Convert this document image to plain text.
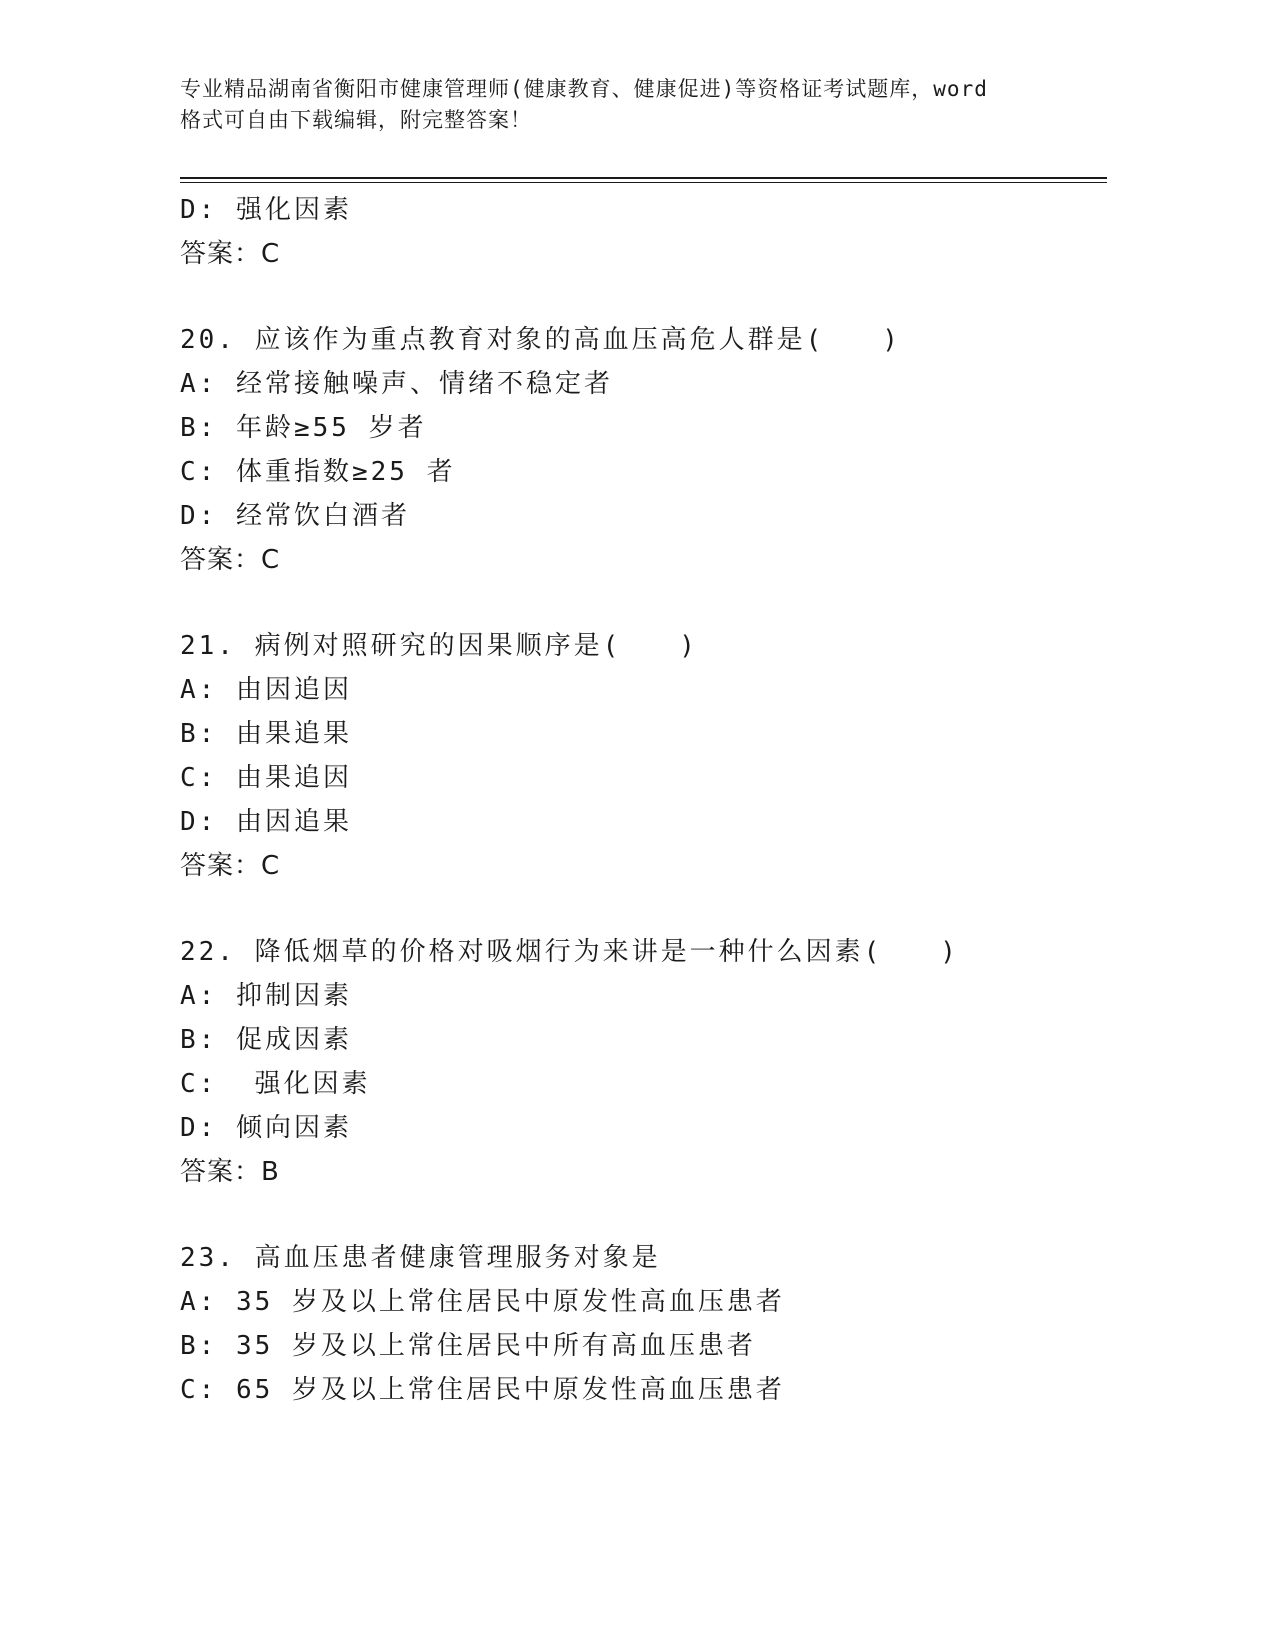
专业精品湖南省衡阳市健康管理师(健康教育、健康促进)等资格证考试题库，word
格式可自由下载编辑，附完整答案！
D: 强化因素
答案：C
20. 应该作为重点教育对象的高血压高危人群是(　　)
A: 经常接触噪声、情绪不稳定者
B: 年龄≥55 岁者
C: 体重指数≥25 者
D: 经常饮白酒者
答案：C
21. 病例对照研究的因果顺序是(　　)
A: 由因追因
B: 由果追果
C: 由果追因
D: 由因追果
答案：C
22. 降低烟草的价格对吸烟行为来讲是一种什么因素(　　)
A: 抑制因素
B: 促成因素
C:  强化因素
D: 倾向因素
答案：B
23. 高血压患者健康管理服务对象是
A: 35 岁及以上常住居民中原发性高血压患者
B: 35 岁及以上常住居民中所有高血压患者
C: 65 岁及以上常住居民中原发性高血压患者
